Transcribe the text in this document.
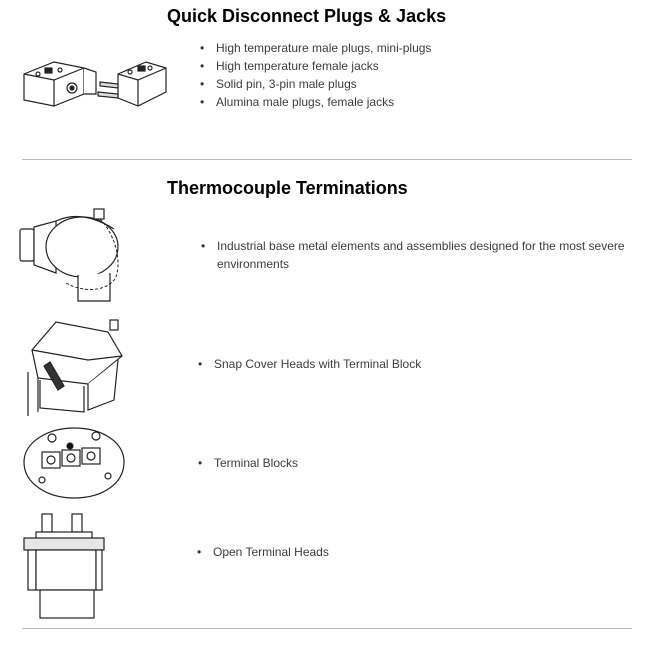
Quick Disconnect Plugs & Jacks
• High temperature male plugs, mini-plugs
• High temperature female jacks
• Solid pin, 3-pin male plugs
• Alumina male plugs, female jacks
Thermocouple Terminations
• Industrial base metal elements and assemblies designed for the most severe environments
• Snap Cover Heads with Terminal Block
• Terminal Blocks
• Open Terminal Heads
